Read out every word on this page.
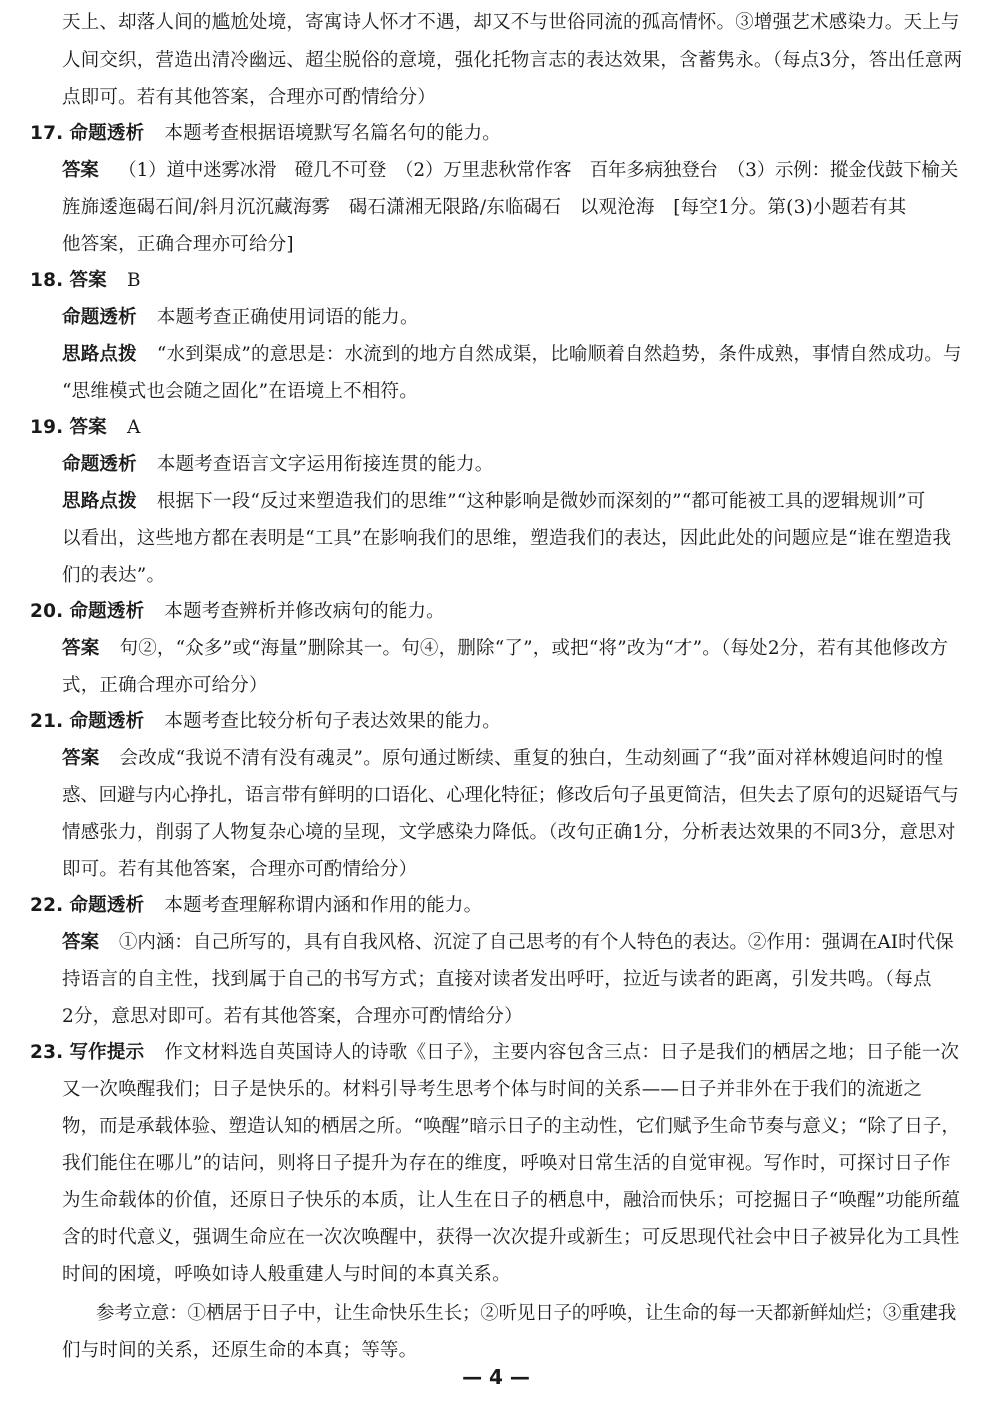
天上、却落人间的尴尬处境，寄寓诗人怀才不遇，却又不与世俗同流的孤高情怀。③增强艺术感染力。天上与
人间交织，营造出清冷幽远、超尘脱俗的意境，强化托物言志的表达效果，含蓄隽永。（每点3分，答出任意两
点即可。若有其他答案，合理亦可酌情给分）
17. 命题透析 本题考查根据语境默写名篇名句的能力。
答案 （1）道中迷雾冰滑　磴几不可登　（2）万里悲秋常作客　百年多病独登台　（3）示例：摐金伐鼓下榆关
旌旆逶迤碣石间/斜月沉沉藏海雾　碣石潇湘无限路/东临碣石　以观沧海　[每空1分。第(3)小题若有其
他答案，正确合理亦可给分]
18. 答案 B
命题透析 本题考查正确使用词语的能力。
思路点拨 “水到渠成”的意思是：水流到的地方自然成渠，比喻顺着自然趋势，条件成熟，事情自然成功。与
“思维模式也会随之固化”在语境上不相符。
19. 答案 A
命题透析 本题考查语言文字运用衔接连贯的能力。
思路点拨 根据下一段“反过来塑造我们的思维”“这种影响是微妙而深刻的”“都可能被工具的逻辑规训”可
以看出，这些地方都在表明是“工具”在影响我们的思维，塑造我们的表达，因此此处的问题应是“谁在塑造我
们的表达”。
20. 命题透析 本题考查辨析并修改病句的能力。
答案 句②，“众多”或“海量”删除其一。句④，删除“了”，或把“将”改为“才”。（每处2分，若有其他修改方
式，正确合理亦可给分）
21. 命题透析 本题考查比较分析句子表达效果的能力。
答案 会改成“我说不清有没有魂灵”。原句通过断续、重复的独白，生动刻画了“我”面对祥林嫂追问时的惶
惑、回避与内心挣扎，语言带有鲜明的口语化、心理化特征；修改后句子虽更简洁，但失去了原句的迟疑语气与
情感张力，削弱了人物复杂心境的呈现，文学感染力降低。（改句正确1分，分析表达效果的不同3分，意思对
即可。若有其他答案，合理亦可酌情给分）
22. 命题透析 本题考查理解称谓内涵和作用的能力。
答案 ①内涵：自己所写的，具有自我风格、沉淀了自己思考的有个人特色的表达。②作用：强调在AI时代保
持语言的自主性，找到属于自己的书写方式；直接对读者发出呼吁，拉近与读者的距离，引发共鸣。（每点
2分，意思对即可。若有其他答案，合理亦可酌情给分）
23. 写作提示 作文材料选自英国诗人的诗歌《日子》，主要内容包含三点：日子是我们的栖居之地；日子能一次
又一次唤醒我们；日子是快乐的。材料引导考生思考个体与时间的关系——日子并非外在于我们的流逝之
物，而是承载体验、塑造认知的栖居之所。“唤醒”暗示日子的主动性，它们赋予生命节奏与意义；“除了日子，
我们能住在哪儿”的诘问，则将日子提升为存在的维度，呼唤对日常生活的自觉审视。写作时，可探讨日子作
为生命载体的价值，还原日子快乐的本质，让人生在日子的栖息中，融洽而快乐；可挖掘日子“唤醒”功能所蕴
含的时代意义，强调生命应在一次次唤醒中，获得一次次提升或新生；可反思现代社会中日子被异化为工具性
时间的困境，呼唤如诗人般重建人与时间的本真关系。
参考立意：①栖居于日子中，让生命快乐生长；②听见日子的呼唤，让生命的每一天都新鲜灿烂；③重建我
们与时间的关系，还原生命的本真；等等。
— 4 —
